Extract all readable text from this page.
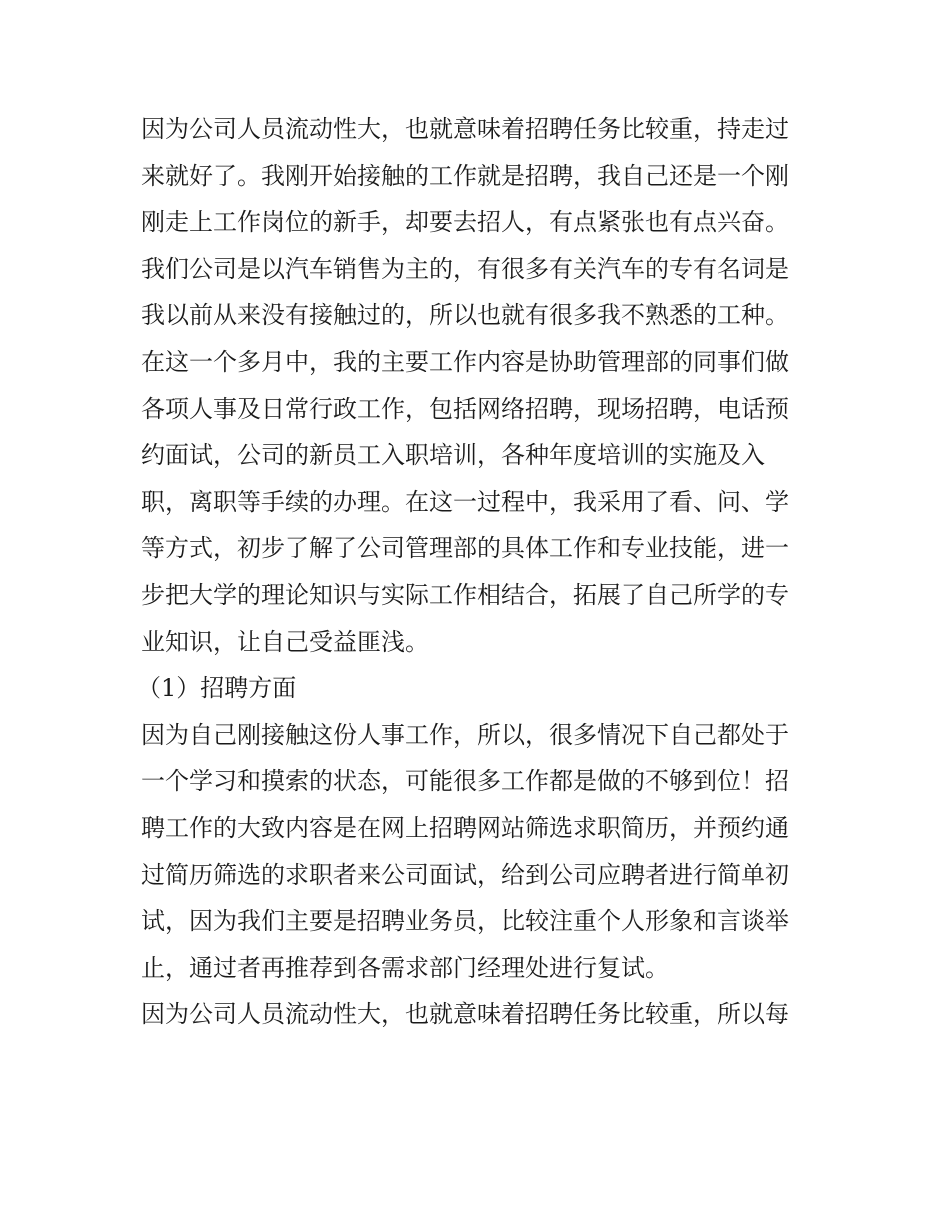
因为公司人员流动性大，也就意味着招聘任务比较重，持走过
来就好了。我刚开始接触的工作就是招聘，我自己还是一个刚
刚走上工作岗位的新手，却要去招人，有点紧张也有点兴奋。
我们公司是以汽车销售为主的，有很多有关汽车的专有名词是
我以前从来没有接触过的，所以也就有很多我不熟悉的工种。
在这一个多月中，我的主要工作内容是协助管理部的同事们做
各项人事及日常行政工作，包括网络招聘，现场招聘，电话预
约面试，公司的新员工入职培训，各种年度培训的实施及入
职，离职等手续的办理。在这一过程中，我采用了看、问、学
等方式，初步了解了公司管理部的具体工作和专业技能，进一
步把大学的理论知识与实际工作相结合，拓展了自己所学的专
业知识，让自己受益匪浅。
（1）招聘方面
因为自己刚接触这份人事工作，所以，很多情况下自己都处于
一个学习和摸索的状态，可能很多工作都是做的不够到位！招
聘工作的大致内容是在网上招聘网站筛选求职简历，并预约通
过简历筛选的求职者来公司面试，给到公司应聘者进行简单初
试，因为我们主要是招聘业务员，比较注重个人形象和言谈举
止，通过者再推荐到各需求部门经理处进行复试。
因为公司人员流动性大，也就意味着招聘任务比较重，所以每
